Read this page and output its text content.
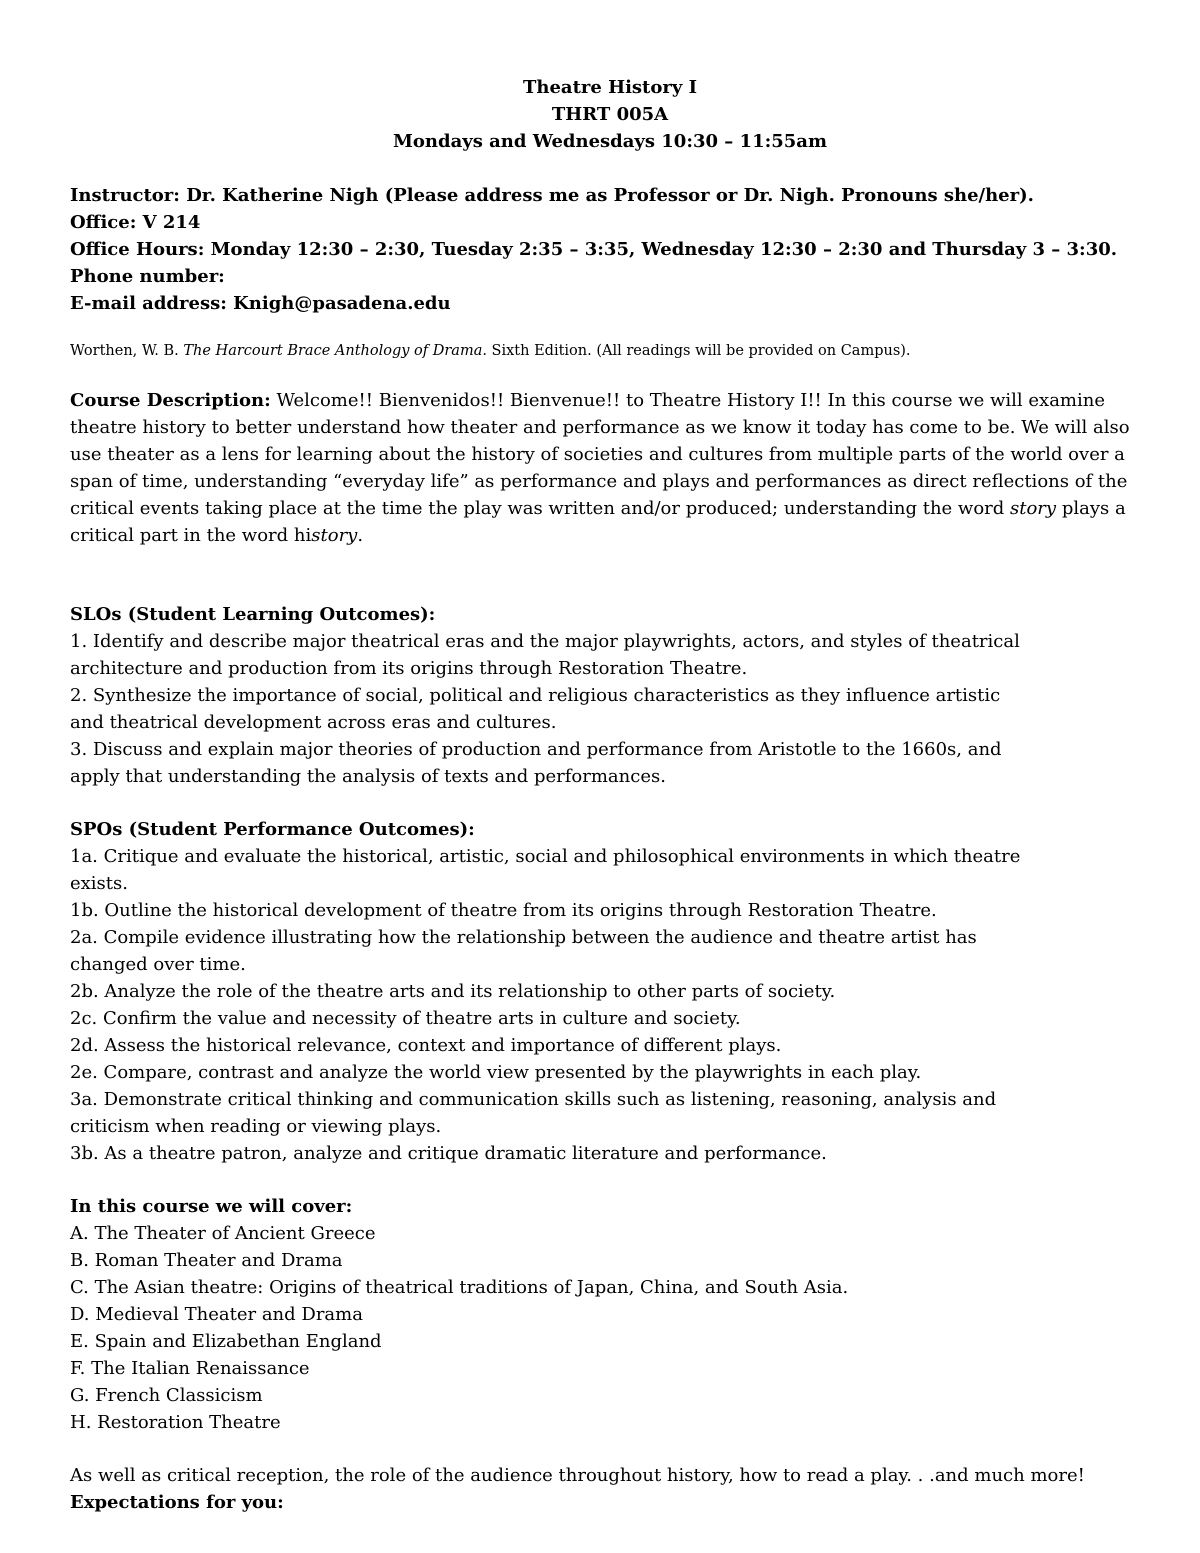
Theatre History I
THRT 005A
Mondays and Wednesdays 10:30 – 11:55am
Instructor: Dr. Katherine Nigh (Please address me as Professor or Dr. Nigh. Pronouns she/her).
Office: V 214
Office Hours: Monday 12:30 – 2:30, Tuesday 2:35 – 3:35, Wednesday 12:30 – 2:30 and Thursday 3 – 3:30.
Phone number:
E-mail address: Knigh@pasadena.edu
Worthen, W. B. The Harcourt Brace Anthology of Drama. Sixth Edition. (All readings will be provided on Campus).
Course Description: Welcome!! Bienvenidos!! Bienvenue!! to Theatre History I!! In this course we will examine theatre history to better understand how theater and performance as we know it today has come to be. We will also use theater as a lens for learning about the history of societies and cultures from multiple parts of the world over a span of time, understanding “everyday life” as performance and plays and performances as direct reflections of the critical events taking place at the time the play was written and/or produced; understanding the word story plays a critical part in the word history.
SLOs (Student Learning Outcomes):
1. Identify and describe major theatrical eras and the major playwrights, actors, and styles of theatrical
architecture and production from its origins through Restoration Theatre.
2. Synthesize the importance of social, political and religious characteristics as they influence artistic
and theatrical development across eras and cultures.
3. Discuss and explain major theories of production and performance from Aristotle to the 1660s, and
apply that understanding the analysis of texts and performances.
SPOs (Student Performance Outcomes):
1a. Critique and evaluate the historical, artistic, social and philosophical environments in which theatre
exists.
1b. Outline the historical development of theatre from its origins through Restoration Theatre.
2a. Compile evidence illustrating how the relationship between the audience and theatre artist has
changed over time.
2b. Analyze the role of the theatre arts and its relationship to other parts of society.
2c. Confirm the value and necessity of theatre arts in culture and society.
2d. Assess the historical relevance, context and importance of different plays.
2e. Compare, contrast and analyze the world view presented by the playwrights in each play.
3a. Demonstrate critical thinking and communication skills such as listening, reasoning, analysis and
criticism when reading or viewing plays.
3b. As a theatre patron, analyze and critique dramatic literature and performance.
In this course we will cover:
A. The Theater of Ancient Greece
B. Roman Theater and Drama
C. The Asian theatre: Origins of theatrical traditions of Japan, China, and South Asia.
D. Medieval Theater and Drama
E. Spain and Elizabethan England
F. The Italian Renaissance
G. French Classicism
H. Restoration Theatre
As well as critical reception, the role of the audience throughout history, how to read a play. . .and much more!
Expectations for you:
